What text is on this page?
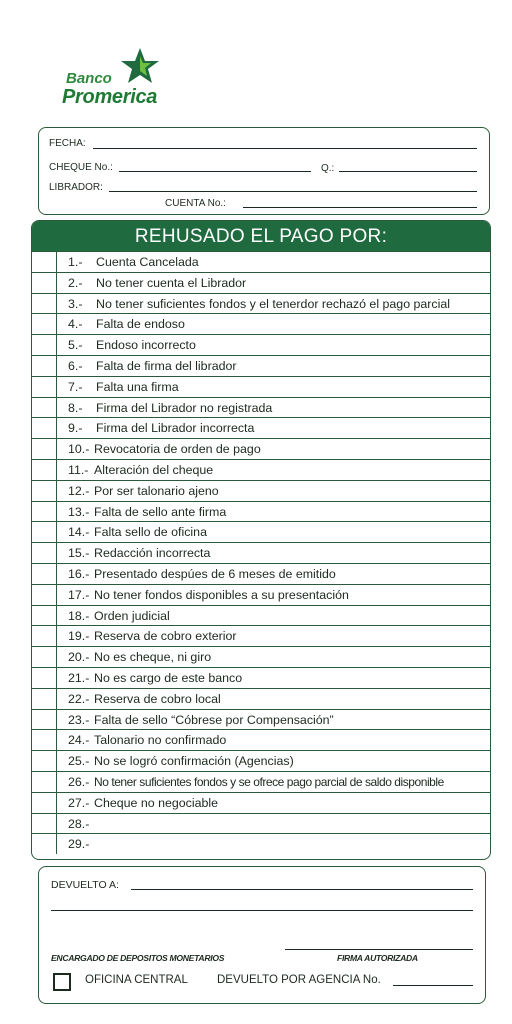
Banco
Promerica
FECHA:
CHEQUE No.:	Q.:
LIBRADOR:
CUENTA No.:
REHUSADO EL PAGO POR:
1.- Cuenta Cancelada
2.- No tener cuenta el Librador
3.- No tener suficientes fondos y el tenerdor rechazó el pago parcial
4.- Falta de endoso
5.- Endoso incorrecto
6.- Falta de firma del librador
7.- Falta una firma
8.- Firma del Librador no registrada
9.- Firma del Librador incorrecta
10.- Revocatoria de orden de pago
11.- Alteración del cheque
12.- Por ser talonario ajeno
13.- Falta de sello ante firma
14.- Falta sello de oficina
15.- Redacción incorrecta
16.- Presentado despúes de 6 meses de emitido
17.- No tener fondos disponibles a su presentación
18.- Orden judicial
19.- Reserva de cobro exterior
20.- No es cheque, ni giro
21.- No es cargo de este banco
22.- Reserva de cobro local
23.- Falta de sello “Cóbrese por Compensación”
24.- Talonario no confirmado
25.- No se logró confirmación (Agencias)
26.- No tener suficientes fondos y se ofrece pago parcial de saldo disponible
27.- Cheque no negociable
28.-
29.-
DEVUELTO A:
ENCARGADO DE DEPOSITOS MONETARIOS	FIRMA AUTORIZADA
OFICINA CENTRAL	DEVUELTO POR AGENCIA No.
